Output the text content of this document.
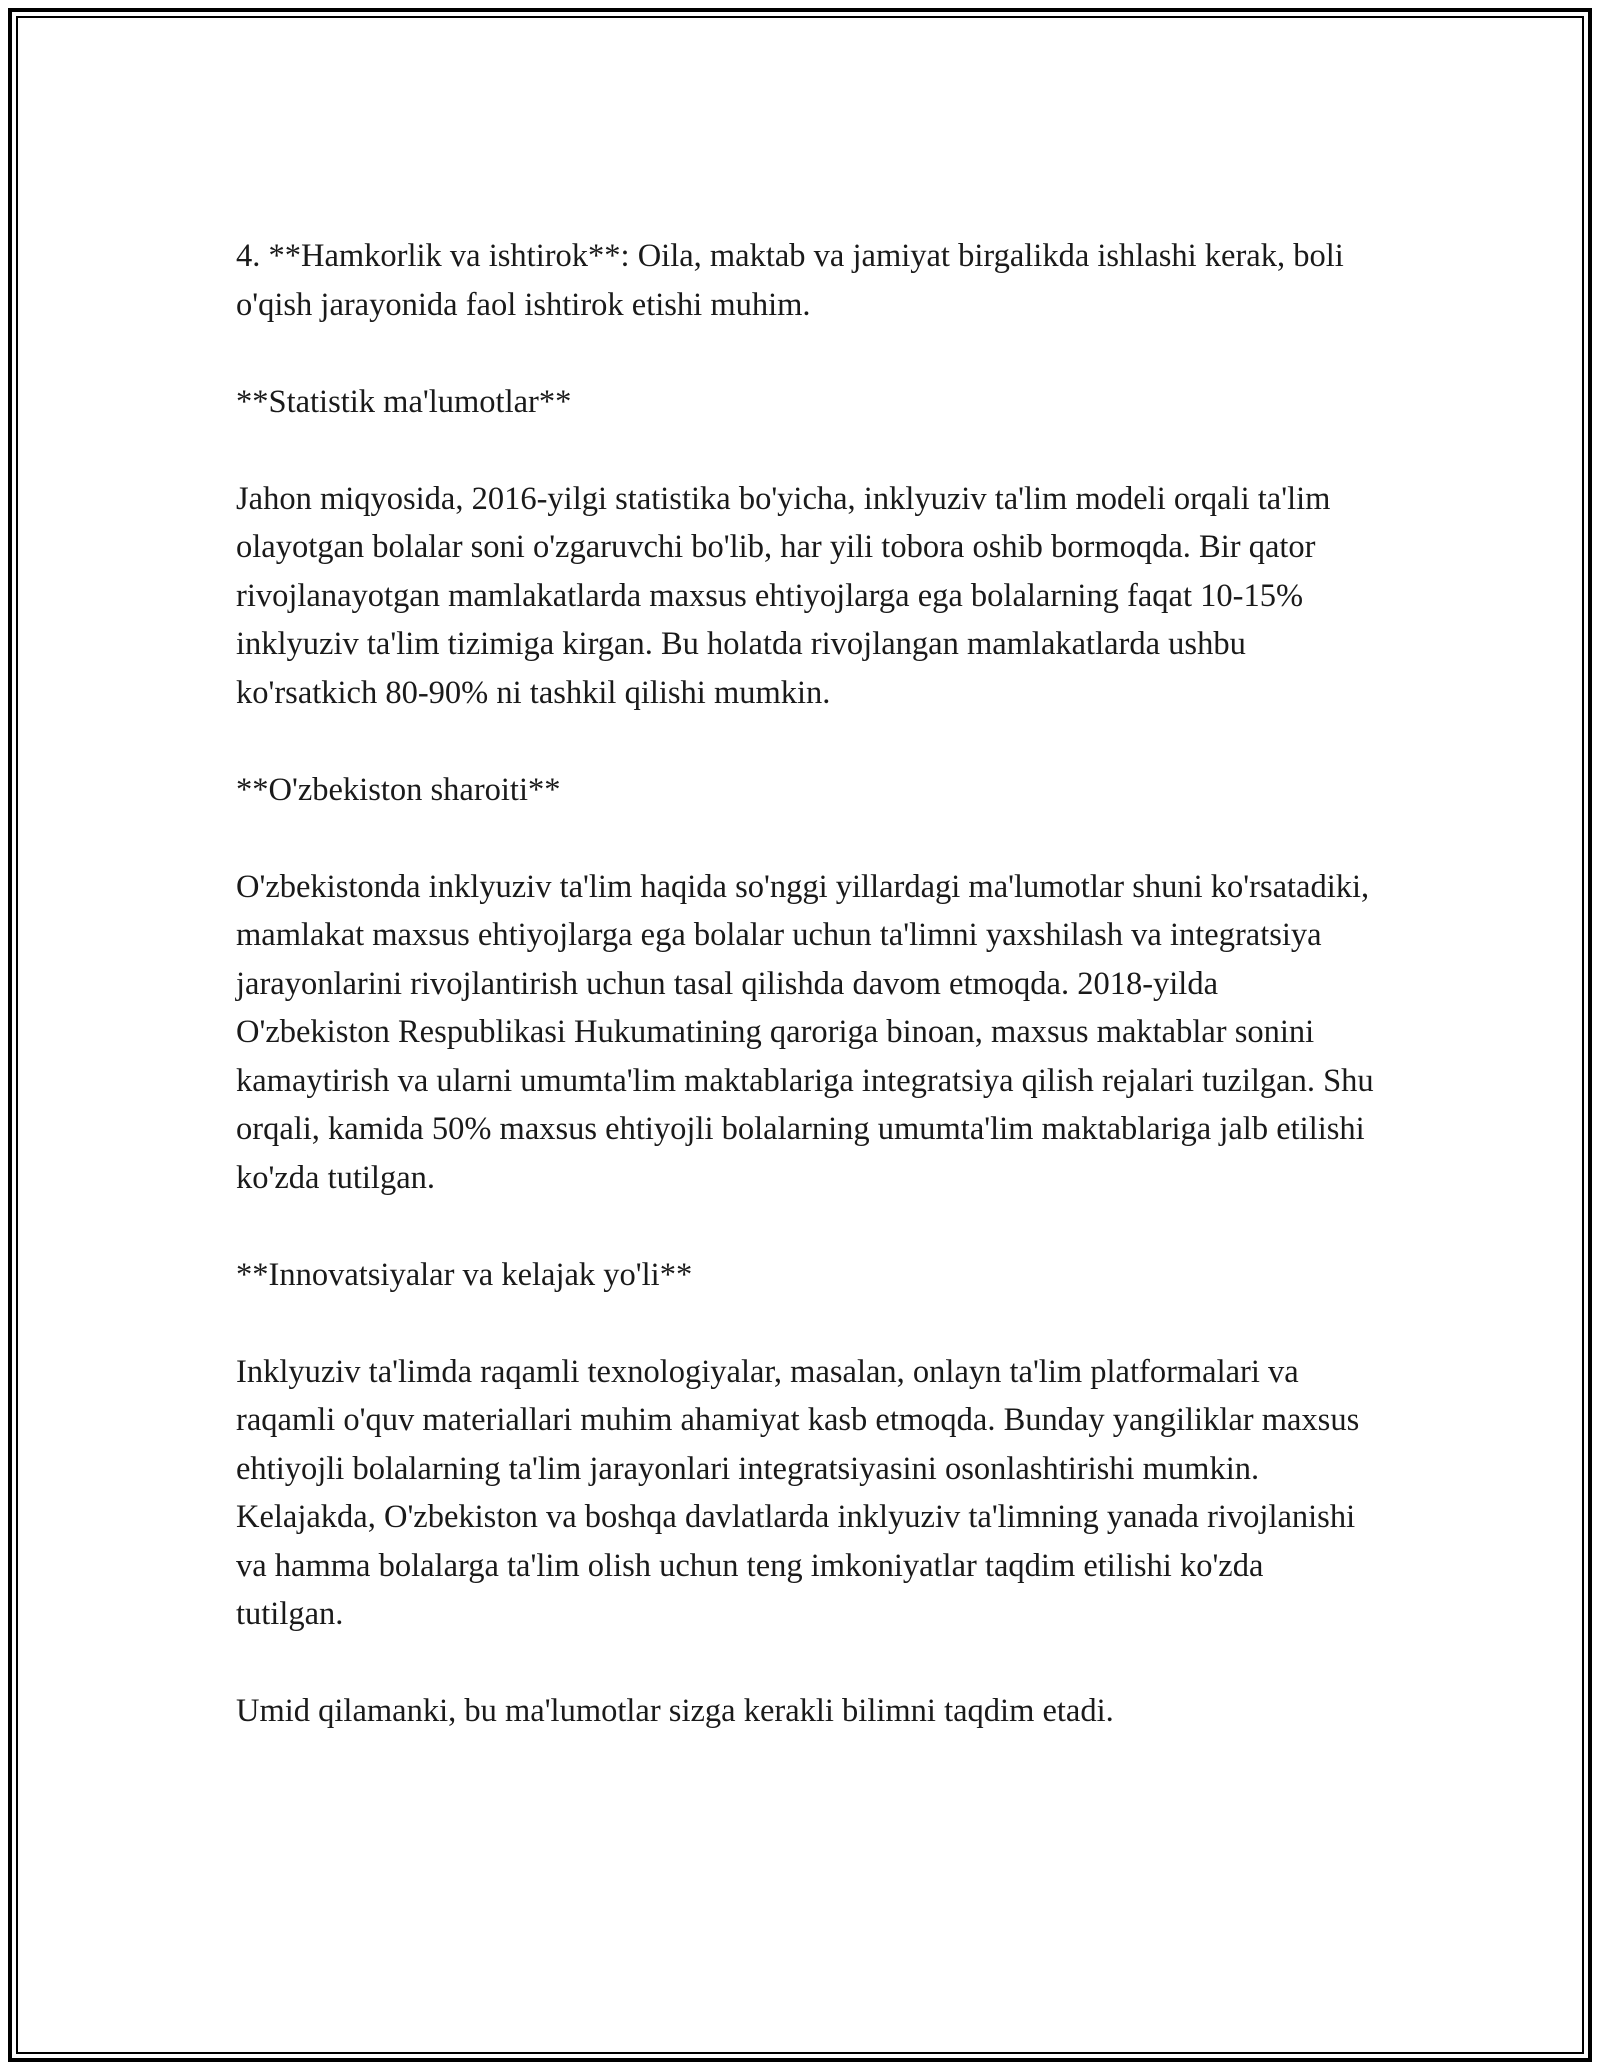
4. **Hamkorlik va ishtirok**: Oila, maktab va jamiyat birgalikda ishlashi kerak, boli o'qish jarayonida faol ishtirok etishi muhim.

**Statistik ma'lumotlar**

Jahon miqyosida, 2016-yilgi statistika bo'yicha, inklyuziv ta'lim modeli orqali ta'lim olayotgan bolalar soni o'zgaruvchi bo'lib, har yili tobora oshib bormoqda. Bir qator rivojlanayotgan mamlakatlarda maxsus ehtiyojlarga ega bolalarning faqat 10-15% inklyuziv ta'lim tizimiga kirgan. Bu holatda rivojlangan mamlakatlarda ushbu ko'rsatkich 80-90% ni tashkil qilishi mumkin.

**O'zbekiston sharoiti**

O'zbekistonda inklyuziv ta'lim haqida so'nggi yillardagi ma'lumotlar shuni ko'rsatadiki, mamlakat maxsus ehtiyojlarga ega bolalar uchun ta'limni yaxshilash va integratsiya jarayonlarini rivojlantirish uchun tasal qilishda davom etmoqda. 2018-yilda O'zbekiston Respublikasi Hukumatining qaroriga binoan, maxsus maktablar sonini kamaytirish va ularni umumta'lim maktablariga integratsiya qilish rejalari tuzilgan. Shu orqali, kamida 50% maxsus ehtiyojli bolalarning umumta'lim maktablariga jalb etilishi ko'zda tutilgan.

**Innovatsiyalar va kelajak yo'li**

Inklyuziv ta'limda raqamli texnologiyalar, masalan, onlayn ta'lim platformalari va raqamli o'quv materiallari muhim ahamiyat kasb etmoqda. Bunday yangiliklar maxsus ehtiyojli bolalarning ta'lim jarayonlari integratsiyasini osonlashtirishi mumkin. Kelajakda, O'zbekiston va boshqa davlatlarda inklyuziv ta'limning yanada rivojlanishi va hamma bolalarga ta'lim olish uchun teng imkoniyatlar taqdim etilishi ko'zda tutilgan.

Umid qilamanki, bu ma'lumotlar sizga kerakli bilimni taqdim etadi.
